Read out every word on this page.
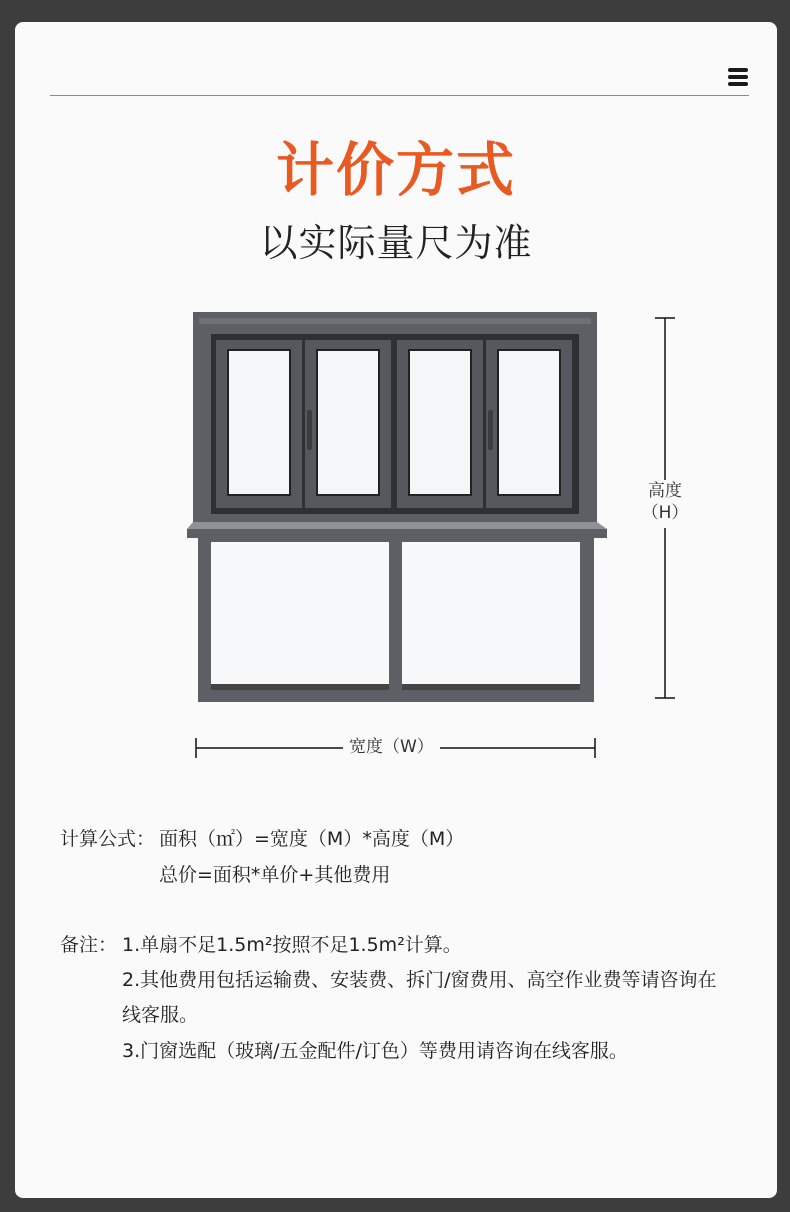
计价方式
以实际量尺为准
高度
（H）
宽度（W）
计算公式： 面积（㎡）=宽度（M）*高度（M）
总价=面积*单价+其他费用
备注： 1.单扇不足1.5m²按照不足1.5m²计算。
2.其他费用包括运输费、安装费、拆门/窗费用、高空作业费等请咨询在
线客服。
3.门窗选配（玻璃/五金配件/订色）等费用请咨询在线客服。
